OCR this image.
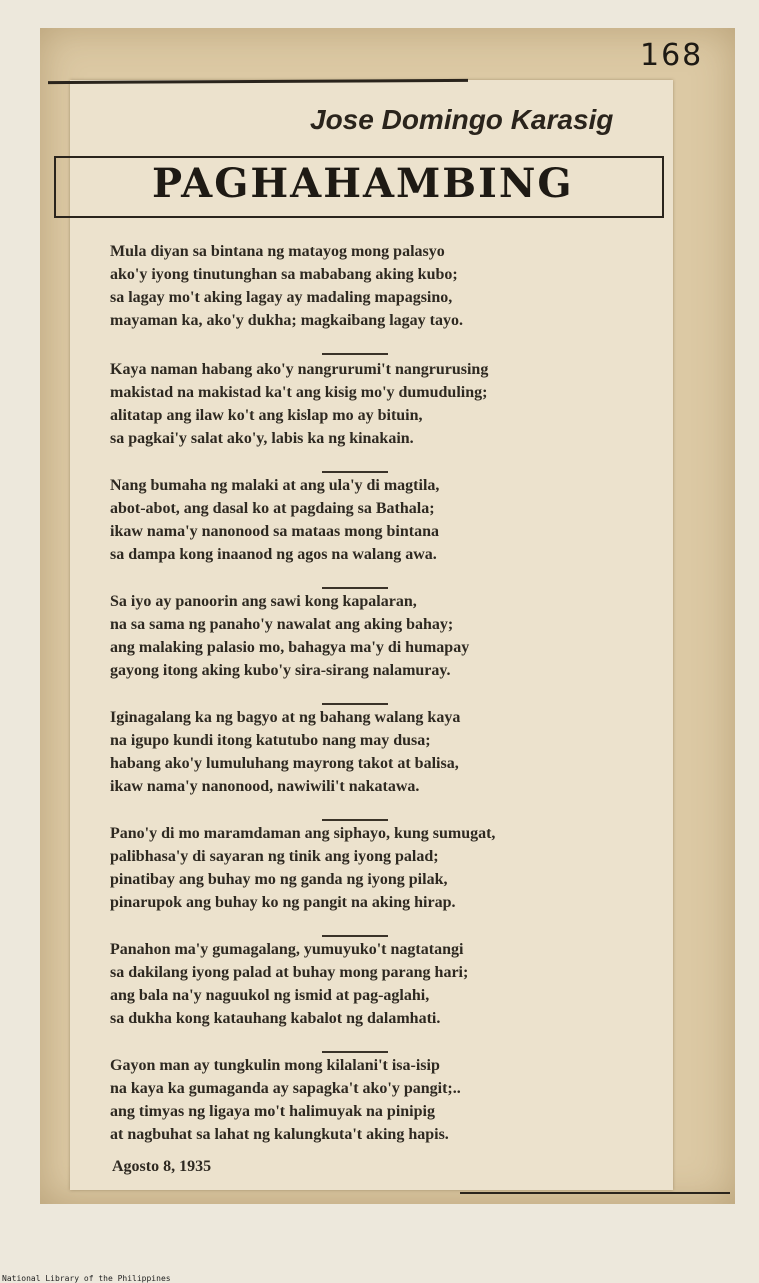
168
Jose Domingo Karasig
PAGHAHAMBING
Mula diyan sa bintana ng matayog mong palasyo
ako'y iyong tinutunghan sa mababang aking kubo;
sa lagay mo't aking lagay ay madaling mapagsino,
mayaman ka, ako'y dukha; magkaibang lagay tayo.
Kaya naman habang ako'y nangrurumi't nangrurusing
makistad na makistad ka't ang kisig mo'y dumuduling;
alitatap ang ilaw ko't ang kislap mo ay bituin,
sa pagkai'y salat ako'y, labis ka ng kinakain.
Nang bumaha ng malaki at ang ula'y di magtila,
abot-abot, ang dasal ko at pagdaing sa Bathala;
ikaw nama'y nanonood sa mataas mong bintana
sa dampa kong inaanod ng agos na walang awa.
Sa iyo ay panoorin ang sawi kong kapalaran,
na sa sama ng panaho'y nawalat ang aking bahay;
ang malaking palasio mo, bahagya ma'y di humapay
gayong itong aking kubo'y sira-sirang nalamuray.
Iginagalang ka ng bagyo at ng bahang walang kaya
na igupo kundi itong katutubo nang may dusa;
habang ako'y lumuluhang mayrong takot at balisa,
ikaw nama'y nanonood, nawiwili't nakatawa.
Pano'y di mo maramdaman ang siphayo, kung sumugat,
palibhasa'y di sayaran ng tinik ang iyong palad;
pinatibay ang buhay mo ng ganda ng iyong pilak,
pinarupok ang buhay ko ng pangit na aking hirap.
Panahon ma'y gumagalang, yumuyuko't nagtatangi
sa dakilang iyong palad at buhay mong parang hari;
ang bala na'y naguukol ng ismid at pag-aglahi,
sa dukha kong katauhang kabalot ng dalamhati.
Gayon man ay tungkulin mong kilalani't isa-isip
na kaya ka gumaganda ay sapagka't ako'y pangit;..
ang timyas ng ligaya mo't halimuyak na pinipig
at nagbuhat sa lahat ng kalungkuta't aking hapis.
Agosto 8, 1935
National Library of the Philippines
